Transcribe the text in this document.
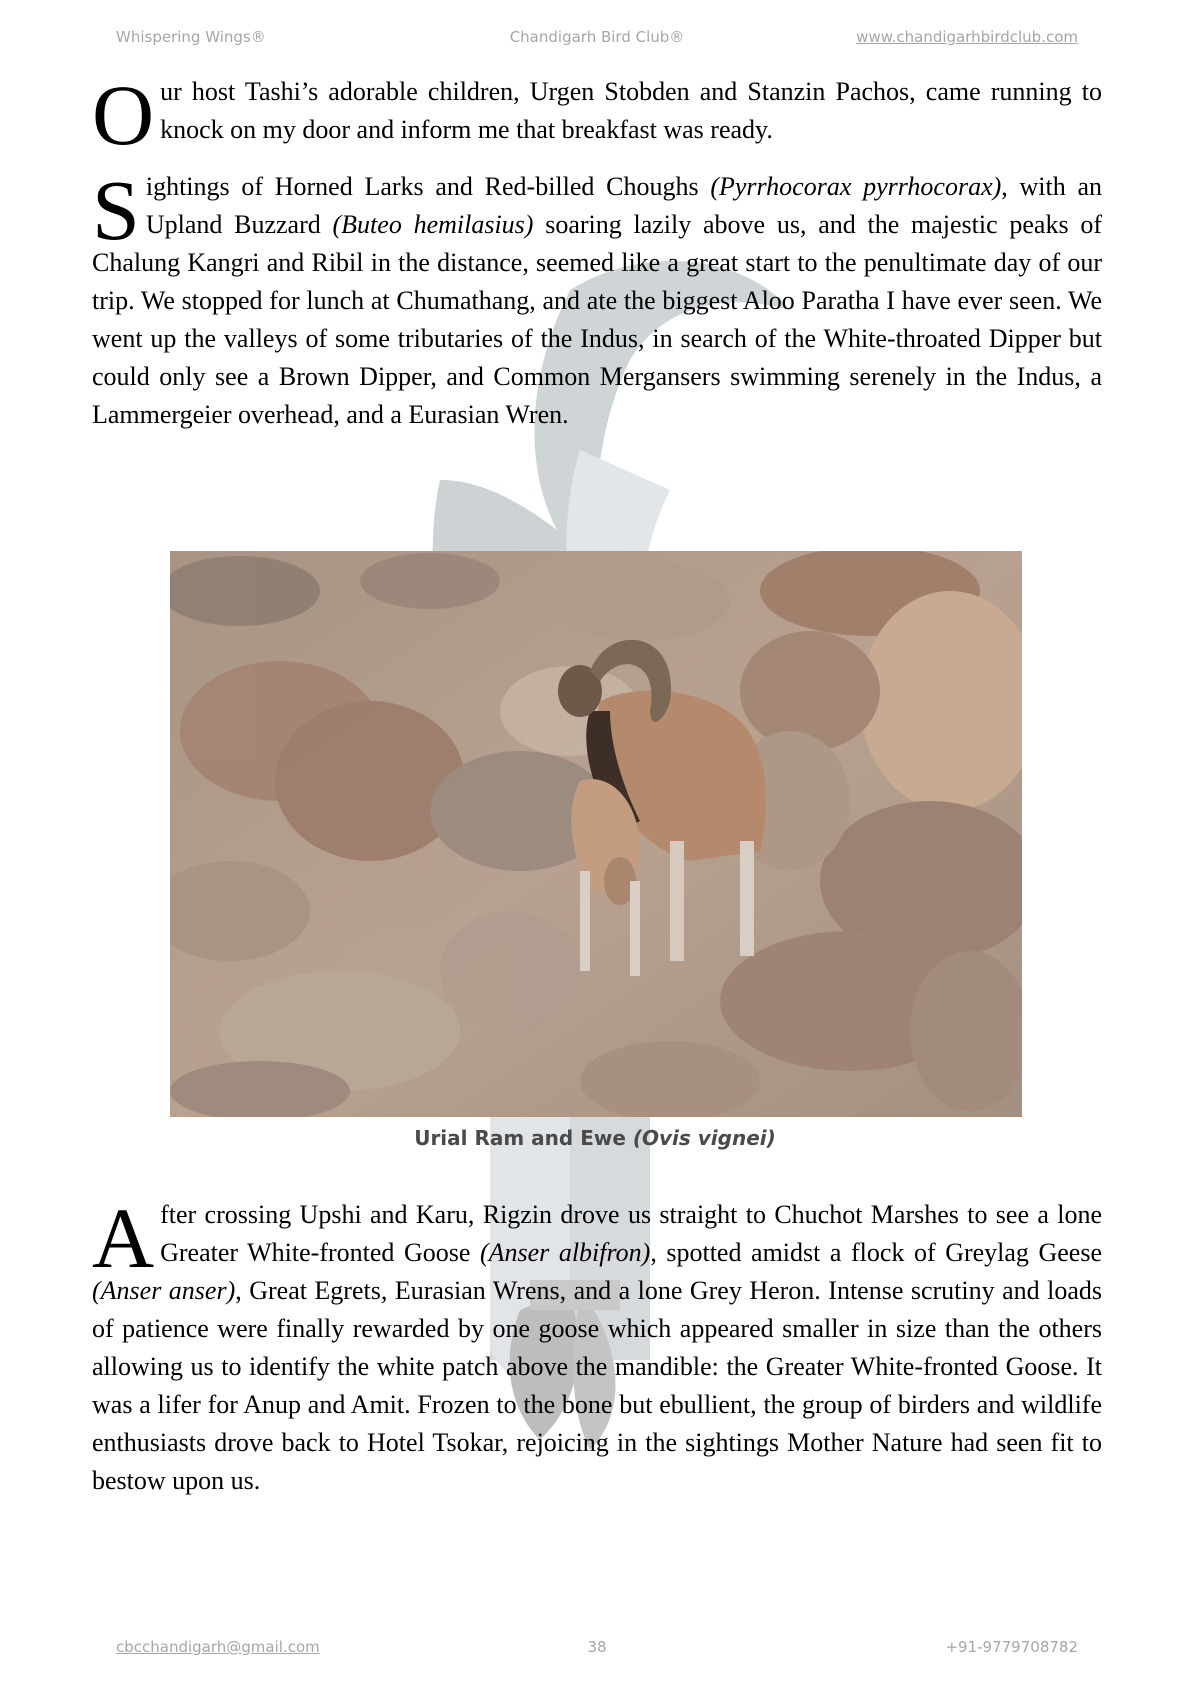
Whispering Wings®	Chandigarh Bird Club®	www.chandigarhbirdclub.com
O ur host Tashi’s adorable children, Urgen Stobden and Stanzin Pachos, came running to knock on my door and inform me that breakfast was ready.
S ightings of Horned Larks and Red-billed Choughs (Pyrrhocorax pyrrhocorax), with an Upland Buzzard (Buteo hemilasius) soaring lazily above us, and the majestic peaks of Chalung Kangri and Ribil in the distance, seemed like a great start to the penultimate day of our trip. We stopped for lunch at Chumathang, and ate the biggest Aloo Paratha I have ever seen. We went up the valleys of some tributaries of the Indus, in search of the White-throated Dipper but could only see a Brown Dipper, and Common Mergansers swimming serenely in the Indus, a Lammergeier overhead, and a Eurasian Wren.
Urial Ram and Ewe (Ovis vignei)
A fter crossing Upshi and Karu, Rigzin drove us straight to Chuchot Marshes to see a lone Greater White-fronted Goose (Anser albifron), spotted amidst a flock of Greylag Geese (Anser anser), Great Egrets, Eurasian Wrens, and a lone Grey Heron. Intense scrutiny and loads of patience were finally rewarded by one goose which appeared smaller in size than the others allowing us to identify the white patch above the mandible: the Greater White-fronted Goose. It was a lifer for Anup and Amit. Frozen to the bone but ebullient, the group of birders and wildlife enthusiasts drove back to Hotel Tsokar, rejoicing in the sightings Mother Nature had seen fit to bestow upon us.
cbcchandigarh@gmail.com	38	+91-9779708782
